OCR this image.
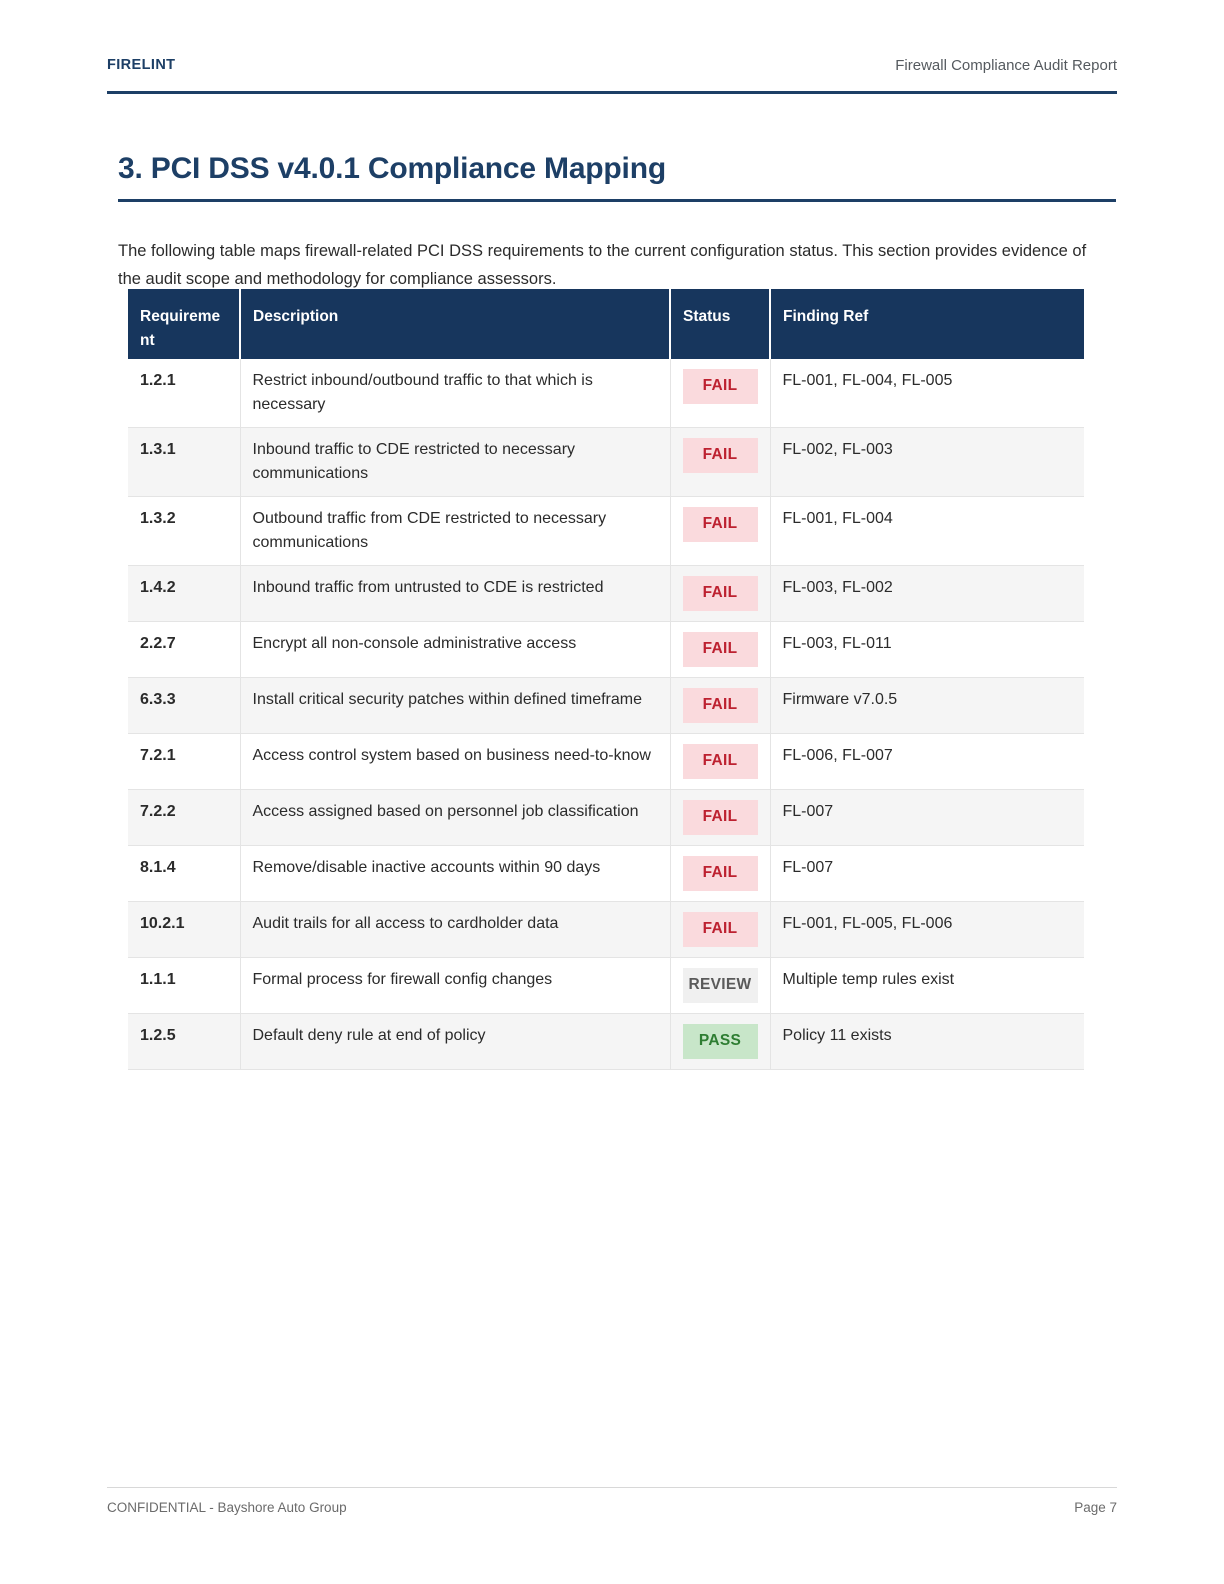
FIRELINT	Firewall Compliance Audit Report
3. PCI DSS v4.0.1 Compliance Mapping

The following table maps firewall-related PCI DSS requirements to the current configuration status. This section provides evidence of the audit scope and methodology for compliance assessors.

Requirement	Description	Status	Finding Ref
1.2.1	Restrict inbound/outbound traffic to that which is necessary	FAIL	FL-001, FL-004, FL-005
1.3.1	Inbound traffic to CDE restricted to necessary communications	FAIL	FL-002, FL-003
1.3.2	Outbound traffic from CDE restricted to necessary communications	FAIL	FL-001, FL-004
1.4.2	Inbound traffic from untrusted to CDE is restricted	FAIL	FL-003, FL-002
2.2.7	Encrypt all non-console administrative access	FAIL	FL-003, FL-011
6.3.3	Install critical security patches within defined timeframe	FAIL	Firmware v7.0.5
7.2.1	Access control system based on business need-to-know	FAIL	FL-006, FL-007
7.2.2	Access assigned based on personnel job classification	FAIL	FL-007
8.1.4	Remove/disable inactive accounts within 90 days	FAIL	FL-007
10.2.1	Audit trails for all access to cardholder data	FAIL	FL-001, FL-005, FL-006
1.1.1	Formal process for firewall config changes	REVIEW	Multiple temp rules exist
1.2.5	Default deny rule at end of policy	PASS	Policy 11 exists
CONFIDENTIAL - Bayshore Auto Group	Page 7
